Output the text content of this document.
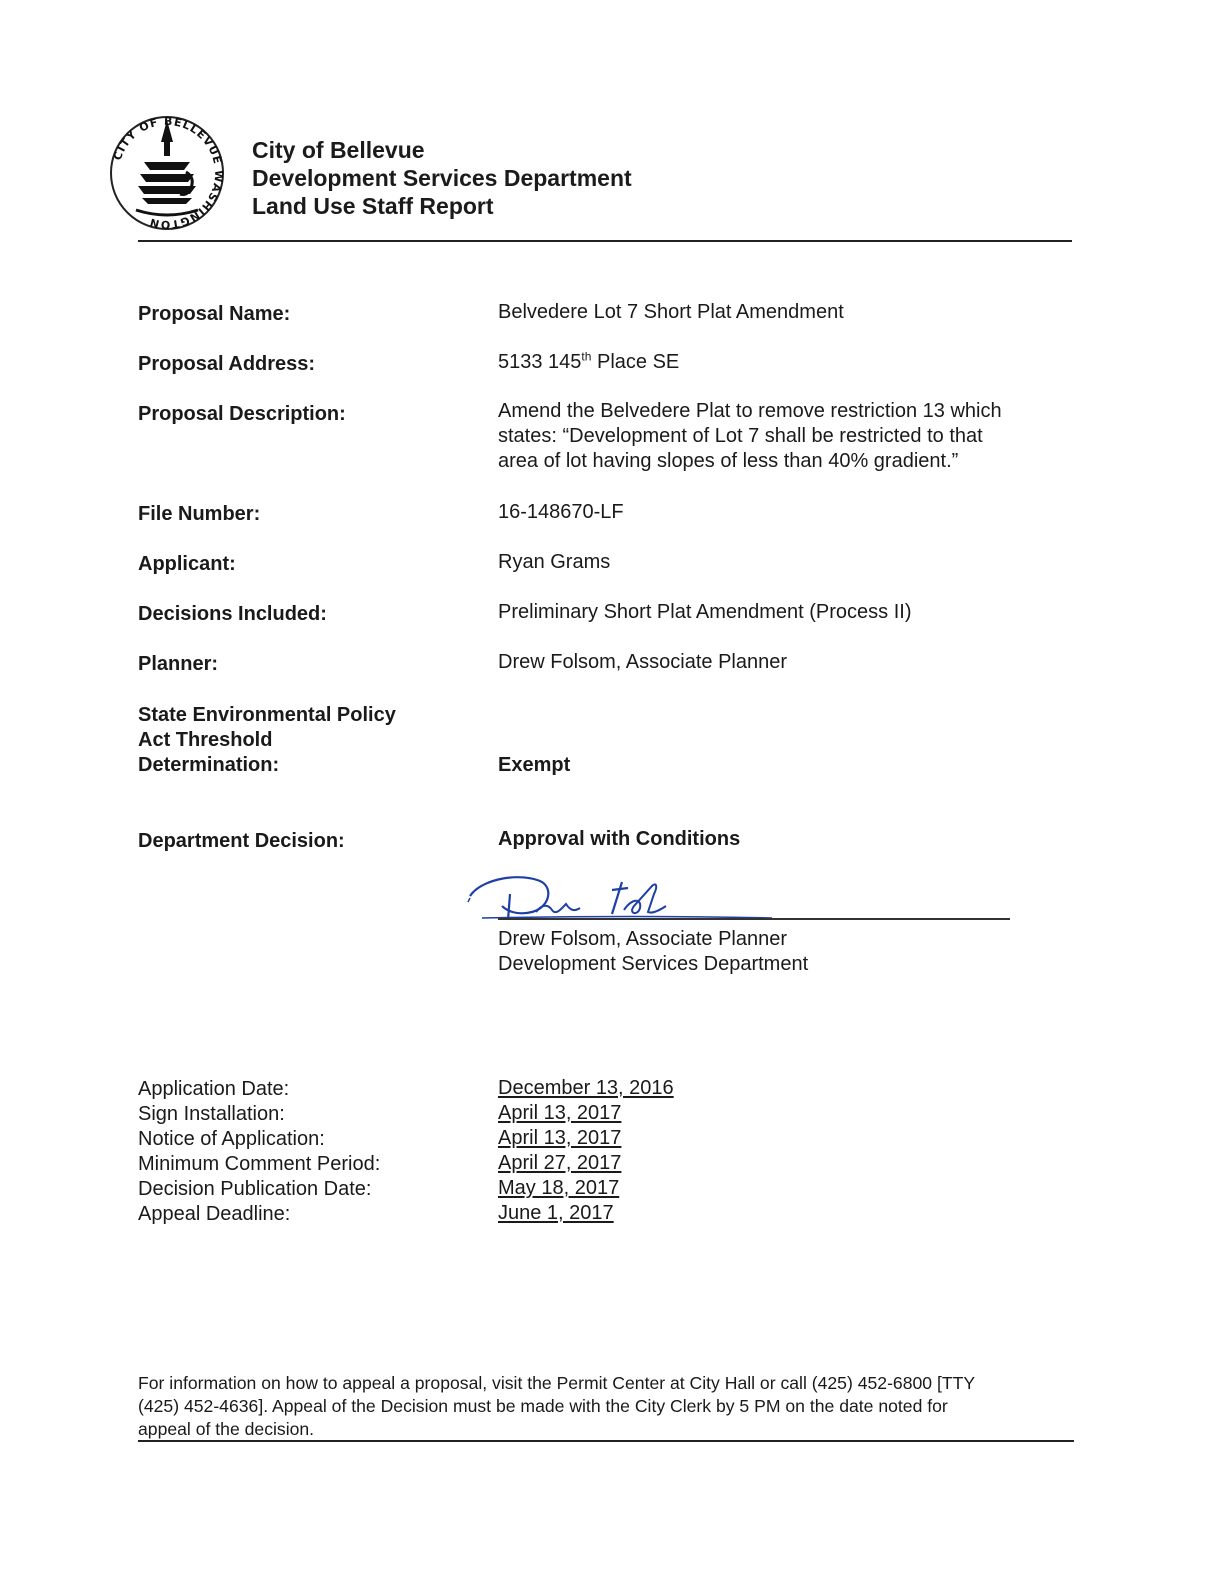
CITY OF BELLEVUE WASHINGTON
City of Bellevue
Development Services Department
Land Use Staff Report
Proposal Name:	Belvedere Lot 7 Short Plat Amendment
Proposal Address:	5133 145th Place SE
Proposal Description:	Amend the Belvedere Plat to remove restriction 13 which
states: “Development of Lot 7 shall be restricted to that
area of lot having slopes of less than 40% gradient.”
File Number:	16-148670-LF
Applicant:	Ryan Grams
Decisions Included:	Preliminary Short Plat Amendment (Process II)
Planner:	Drew Folsom, Associate Planner
State Environmental Policy
Act Threshold
Determination:	Exempt
Department Decision:	Approval with Conditions
Drew Folsom, Associate Planner
Development Services Department
Application Date:	December 13, 2016
Sign Installation:	April 13, 2017
Notice of Application:	April 13, 2017
Minimum Comment Period:	April 27, 2017
Decision Publication Date:	May 18, 2017
Appeal Deadline:	June 1, 2017
For information on how to appeal a proposal, visit the Permit Center at City Hall or call (425) 452-6800 [TTY
(425) 452-4636]. Appeal of the Decision must be made with the City Clerk by 5 PM on the date noted for
appeal of the decision.
